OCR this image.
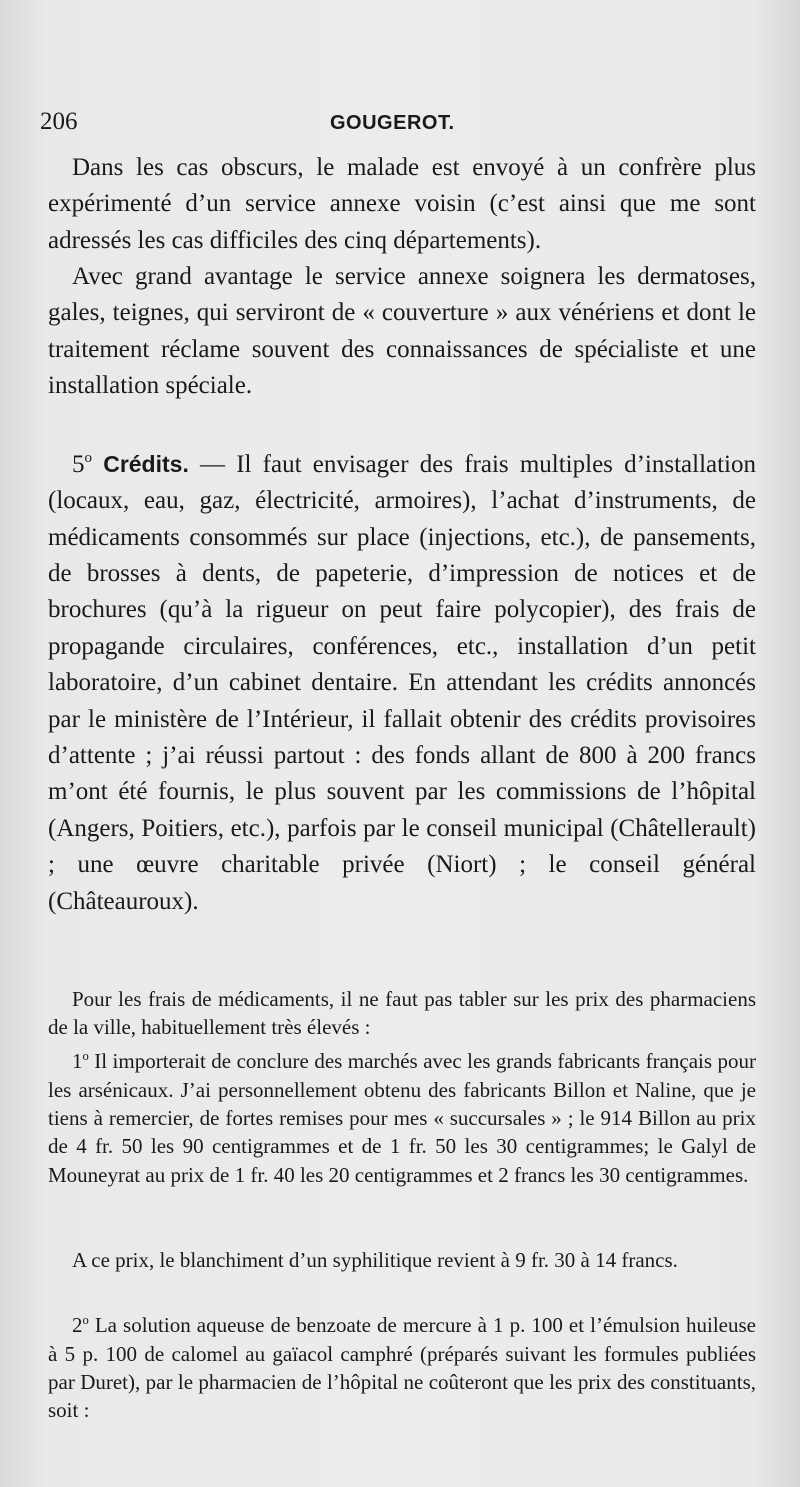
206	GOUGEROT.

Dans les cas obscurs, le malade est envoyé à un confrère plus expérimenté d’un service annexe voisin (c’est ainsi que me sont adressés les cas difficiles des cinq départements).

Avec grand avantage le service annexe soignera les dermatoses, gales, teignes, qui serviront de « couverture » aux vénériens et dont le traitement réclame souvent des connaissances de spécialiste et une installation spéciale.

5$^o$ Crédits. — Il faut envisager des frais multiples d’installation (locaux, eau, gaz, électricité, armoires), l’achat d’instruments, de médicaments consommés sur place (injections, etc.), de pansements, de brosses à dents, de papeterie, d’impression de notices et de brochures (qu’à la rigueur on peut faire polycopier), des frais de propagande circulaires, conférences, etc., installation d’un petit laboratoire, d’un cabinet dentaire. En attendant les crédits annoncés par le ministère de l’Intérieur, il fallait obtenir des crédits provisoires d’attente ; j’ai réussi partout : des fonds allant de 800 à 200 francs m’ont été fournis, le plus souvent par les commissions de l’hôpital (Angers, Poitiers, etc.), parfois par le conseil municipal (Châtellerault) ; une œuvre charitable privée (Niort) ; le conseil général (Châteauroux).

Pour les frais de médicaments, il ne faut pas tabler sur les prix des pharmaciens de la ville, habituellement très élevés :

1$^o$ Il importerait de conclure des marchés avec les grands fabricants français pour les arsénicaux. J’ai personnellement obtenu des fabricants Billon et Naline, que je tiens à remercier, de fortes remises pour mes « succursales » ; le 914 Billon au prix de 4 fr. 50 les 90 centigrammes et de 1 fr. 50 les 30 centigrammes; le Galyl de Mouneyrat au prix de 1 fr. 40 les 20 centigrammes et 2 francs les 30 centigrammes.

A ce prix, le blanchiment d’un syphilitique revient à 9 fr. 30 à 14 francs.

2$^o$ La solution aqueuse de benzoate de mercure à 1 p. 100 et l’émulsion huileuse à 5 p. 100 de calomel au gaïacol camphré (préparés suivant les formules publiées par Duret), par le pharmacien de l’hôpital ne coûteront que les prix des constituants, soit :
